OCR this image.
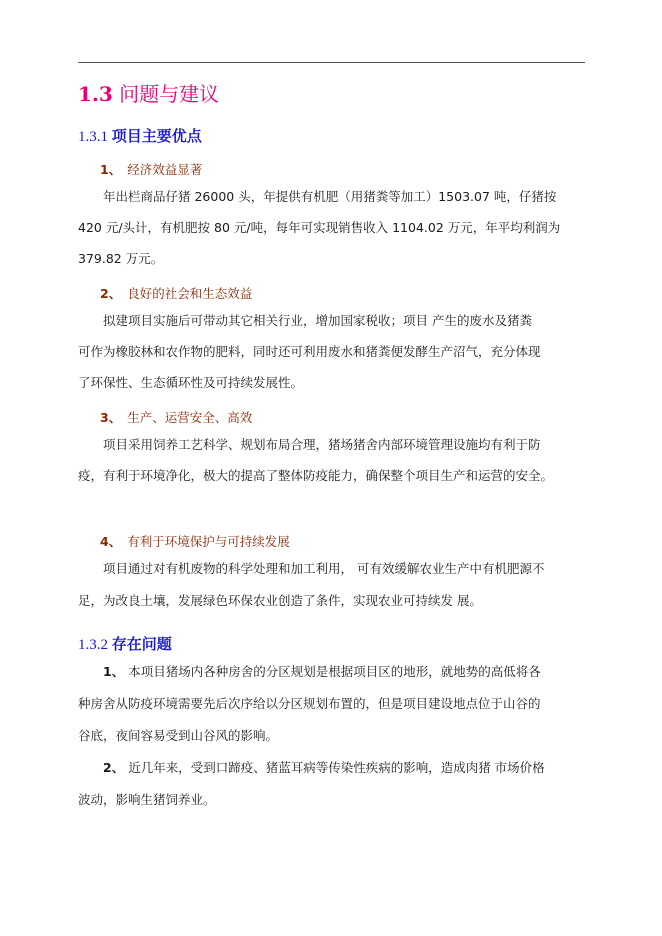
1.3 问题与建议
1.3.1 项目主要优点
1、 经济效益显著
年出栏商品仔猪 26000 头，年提供有机肥（用猪粪等加工）1503.07 吨，仔猪按
420 元/头计，有机肥按 80 元/吨，每年可实现销售收入 1104.02 万元，年平均利润为
379.82 万元。
2、 良好的社会和生态效益
拟建项目实施后可带动其它相关行业，增加国家税收；项目 产生的废水及猪粪
可作为橡胶林和农作物的肥料，同时还可利用废水和猪粪便发酵生产沼气，充分体现
了环保性、生态循环性及可持续发展性。
3、 生产、运营安全、高效
项目采用饲养工艺科学、规划布局合理，猪场猪舍内部环境管理设施均有利于防
疫，有利于环境净化，极大的提高了整体防疫能力，确保整个项目生产和运营的安全。
4、 有利于环境保护与可持续发展
项目通过对有机废物的科学处理和加工利用， 可有效缓解农业生产中有机肥源不
足，为改良土壤，发展绿色环保农业创造了条件，实现农业可持续发 展。
1.3.2 存在问题
1、 本项目猪场内各种房舍的分区规划是根据项目区的地形，就地势的高低将各
种房舍从防疫环境需要先后次序给以分区规划布置的，但是项目建设地点位于山谷的
谷底，夜间容易受到山谷风的影响。
2、 近几年来，受到口蹄疫、猪蓝耳病等传染性疾病的影响，造成肉猪 市场价格
波动，影响生猪饲养业。
